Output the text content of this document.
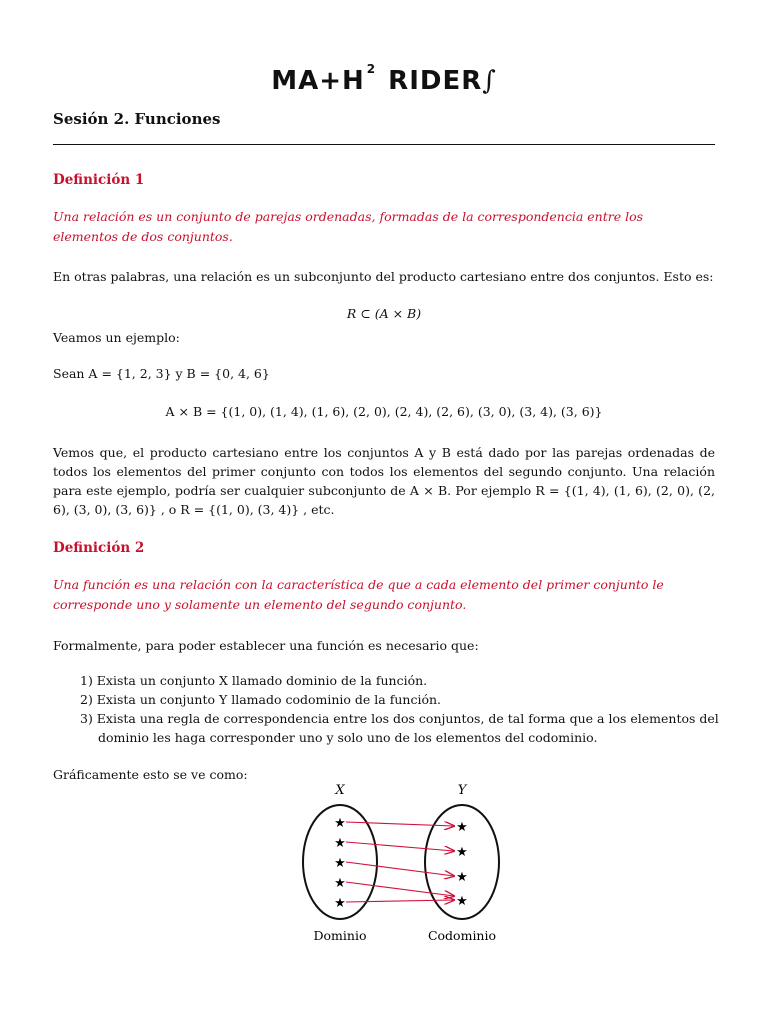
MA+H $^2$ RIDER∫
Sesión 2. Funciones
Definición 1
Una relación es un conjunto de parejas ordenadas, formadas de la correspondencia entre los elementos de dos conjuntos.
En otras palabras, una relación es un subconjunto del producto cartesiano entre dos conjuntos. Esto es:
R ⊂ (A × B)
Veamos un ejemplo:
Sean A = {1, 2, 3} y B = {0, 4, 6}
A × B = {(1, 0), (1, 4), (1, 6), (2, 0), (2, 4), (2, 6), (3, 0), (3, 4), (3, 6)}
Vemos que, el producto cartesiano entre los conjuntos A y B está dado por las parejas ordenadas de todos los elementos del primer conjunto con todos los elementos del segundo conjunto. Una relación para este ejemplo, podría ser cualquier subconjunto de A × B. Por ejemplo R = {(1, 4), (1, 6), (2, 0), (2, 6), (3, 0), (3, 6)} , o R = {(1, 0), (3, 4)} , etc.
Definición 2
Una función es una relación con la característica de que a cada elemento del primer conjunto le corresponde uno y solamente un elemento del segundo conjunto.
Formalmente, para poder establecer una función es necesario que:
1) Exista un conjunto X llamado dominio de la función.
2) Exista un conjunto Y llamado codominio de la función.
3) Exista una regla de correspondencia entre los dos conjuntos, de tal forma que a los elementos del dominio les haga corresponder uno y solo uno de los elementos del codominio.
Gráficamente esto se ve como:
X	Y
★
★
★
★
★
★
★
★
★
Dominio	Codominio
